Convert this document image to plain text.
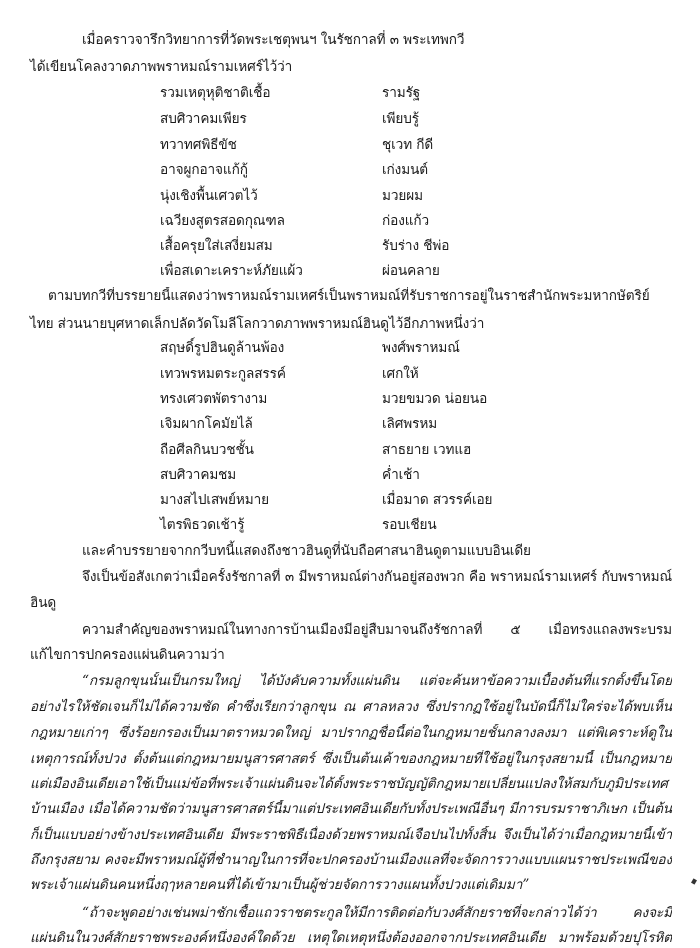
เมื่อคราวจารึกวิทยาการที่วัดพระเชตุพนฯ ในรัชกาลที่ ๓ พระเทพกวี
ได้เขียนโคลงวาดภาพพราหมณ์รามเหศร์ไว้ว่า
รวมเหตุหุติชาติเชื้อ	รามรัฐ
สบศิวาคมเพียร	เพียบรู้
ทวาทศพิธีขัช	ชุเวท กีดี
อาจผูกอาจแก้กู้	เก่งมนต์
นุ่งเชิงพื้นเศวตไว้	มวยผม
เฉวียงสูตรสอดกุณฑล	ก่องแก้ว
เสื้อครุยใส่เสงี่ยมสม	รับร่าง ชีพ่อ
เพื่อสเดาะเคราะห์ภัยแผ้ว	ผ่อนคลาย
ตามบทกวีที่บรรยายนี้แสดงว่าพราหมณ์รามเหศร์เป็นพราหมณ์ที่รับราชการอยู่ในราชสำนักพระมหากษัตริย์
ไทย ส่วนนายบุศหาดเล็กปลัดวัดโมลีโลกวาดภาพพราหมณ์ฮินดูไว้อีกภาพหนึ่งว่า
สฤษดิ์รูปฮินดูล้านพ้อง	พงศ์พราหมณ์
เทวพรหมตระกูลสรรค์	เศกให้
ทรงเศวตพัตรางาม	มวยขมวด น่อยนอ
เจิมผากโคมัยไล้	เลิศพรหม
ถือศีลกินบวชชั้น	สาธยาย เวทแฮ
สบศิวาคมชม	ค่ำเช้า
มางสไปเสพย์หมาย	เมื่อมาด สวรรค์เอย
ไตรพิธวดเช้ารู้	รอบเชียน
และคำบรรยายจากกวีบทนี้แสดงถึงชาวฮินดูที่นับถือศาสนาฮินดูตามแบบอินเดีย
จึงเป็นข้อสังเกตว่าเมื่อครั้งรัชกาลที่ ๓ มีพราหมณ์ต่างกันอยู่สองพวก คือ พราหมณ์รามเหศร์ กับพราหมณ์
ฮินดู
ความสำคัญของพราหมณ์ในทางการบ้านเมืองมีอยู่สืบมาจนถึงรัชกาลที่ ๕ เมื่อทรงแถลงพระบรม
แก้ไขการปกครองแผ่นดินความว่า
“กรมลูกขุนนั้นเป็นกรมใหญ่ ได้บังคับความทั้งแผ่นดิน แต่จะค้นหาข้อความเบื้องต้นที่แรกตั้งขึ้นโดย
อย่างไรให้ชัดเจนก็ไม่ได้ความชัด คำซึ่งเรียกว่าลูกขุน ณ ศาลหลวง ซึ่งปรากฏใช้อยู่ในบัดนี้ก็ไม่ใคร่จะได้พบเห็น
กฎหมายเก่าๆ ซึ่งร้อยกรองเป็นมาตราหมวดใหญ่ มาปรากฏชื่อนี้ต่อในกฎหมายชั้นกลางลงมา แต่พิเคราะห์ดูใน
เหตุการณ์ทั้งปวง ตั้งต้นแต่กฎหมายมนูสารศาสตร์ ซึ่งเป็นต้นเค้าของกฎหมายที่ใช้อยู่ในกรุงสยามนี้ เป็นกฎหมาย
แต่เมืองอินเดียเอาใช้เป็นแม่ข้อที่พระเจ้าแผ่นดินจะได้ตั้งพระราชบัญญัติกฎหมายเปลี่ยนแปลงให้สมกับภูมิประเทศ
บ้านเมือง เมื่อได้ความชัดว่ามนูสารศาสตร์นี้มาแต่ประเทศอินเดียกับทั้งประเพณีอื่นๆ มีการบรมราชาภิเษก เป็นต้น
ก็เป็นแบบอย่างข้างประเทศอินเดีย มีพระราชพิธีเนื่องด้วยพราหมณ์เจือปนไปทั้งสิ้น จึงเป็นได้ว่าเมื่อกฎหมายนี้เข้า
ถึงกรุงสยาม คงจะมีพราหมณ์ผู้ที่ชำนาญในการที่จะปกครองบ้านเมืองแลที่จะจัดการวางแบบแผนราชประเพณีของ
พระเจ้าแผ่นดินคนหนึ่งฤๅหลายคนที่ได้เข้ามาเป็นผู้ช่วยจัดการวางแผนทั้งปวงแต่เดิมมา”
“ถ้าจะพูดอย่างเช่นพม่าชักเชื้อแถวราชตระกูลให้มีการติดต่อกับวงศ์สักยราชที่จะกล่าวได้ว่า คงจะมี
แผ่นดินในวงศ์สักยราชพระองค์หนึ่งองค์ใดด้วย เหตุใดเหตุหนึ่งต้องออกจากประเทศอินเดีย มาพร้อมด้วยปุโรหิต
